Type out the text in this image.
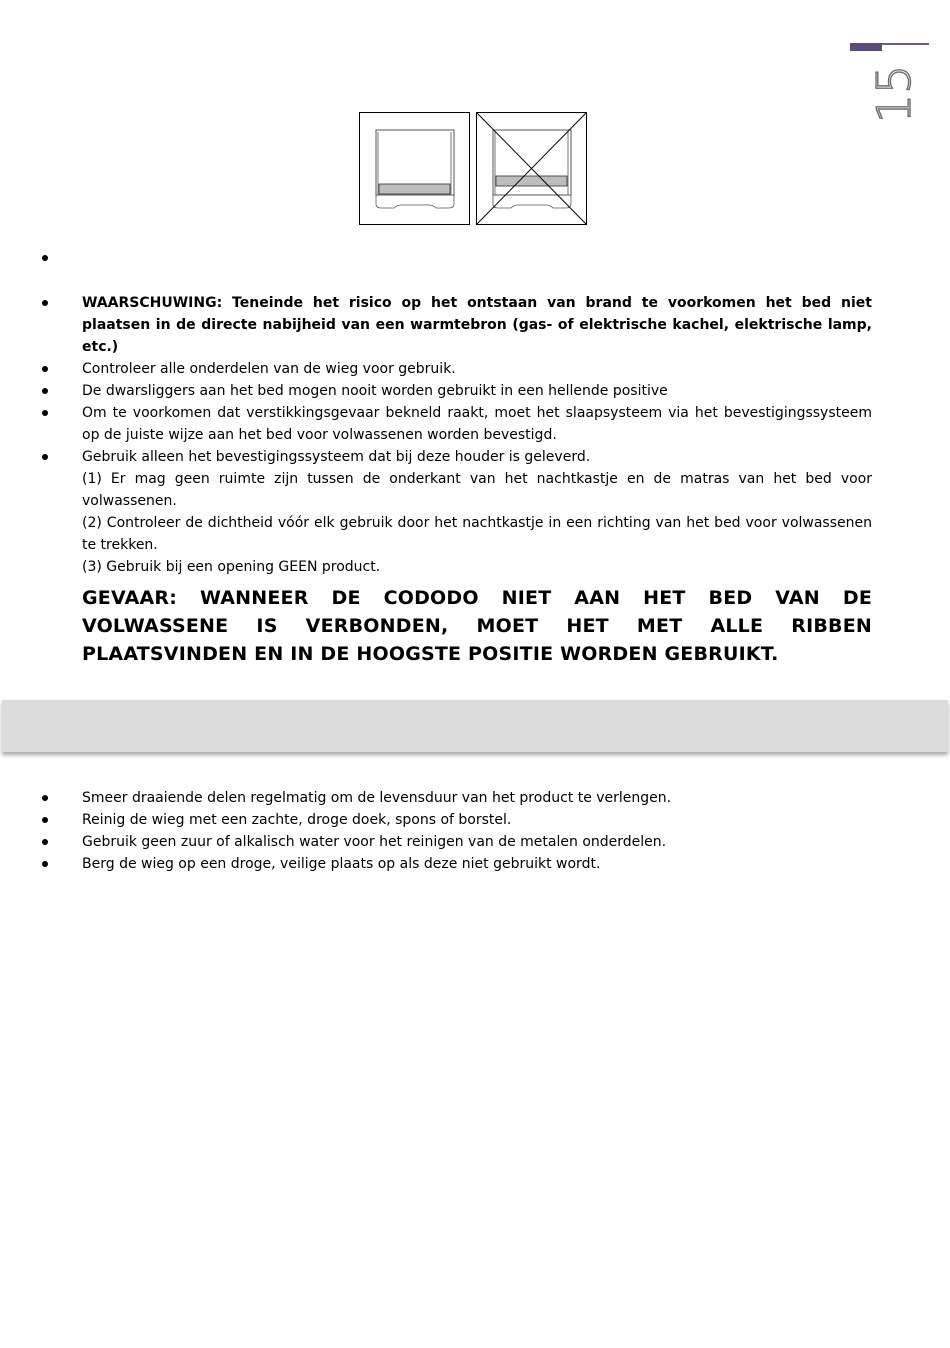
15
WAARSCHUWING: Teneinde het risico op het ontstaan van brand te voorkomen het bed niet plaatsen in de directe nabijheid van een warmtebron (gas- of elektrische kachel, elektrische lamp, etc.)
Controleer alle onderdelen van de wieg voor gebruik.
De dwarsliggers aan het bed mogen nooit worden gebruikt in een hellende positive
Om te voorkomen dat verstikkingsgevaar bekneld raakt, moet het slaapsysteem via het bevestigingssysteem op de juiste wijze aan het bed voor volwassenen worden bevestigd.
Gebruik alleen het bevestigingssysteem dat bij deze houder is geleverd.
(1) Er mag geen ruimte zijn tussen de onderkant van het nachtkastje en de matras van het bed voor volwassenen.
(2) Controleer de dichtheid vóór elk gebruik door het nachtkastje in een richting van het bed voor volwassenen te trekken.
(3) Gebruik bij een opening GEEN product.
GEVAAR: WANNEER DE CODODO NIET AAN HET BED VAN DE VOLWASSENE IS VERBONDEN, MOET HET MET ALLE RIBBEN PLAATSVINDEN EN IN DE HOOGSTE POSITIE WORDEN GEBRUIKT.
Smeer draaiende delen regelmatig om de levensduur van het product te verlengen.
Reinig de wieg met een zachte, droge doek, spons of borstel.
Gebruik geen zuur of alkalisch water voor het reinigen van de metalen onderdelen.
Berg de wieg op een droge, veilige plaats op als deze niet gebruikt wordt.
